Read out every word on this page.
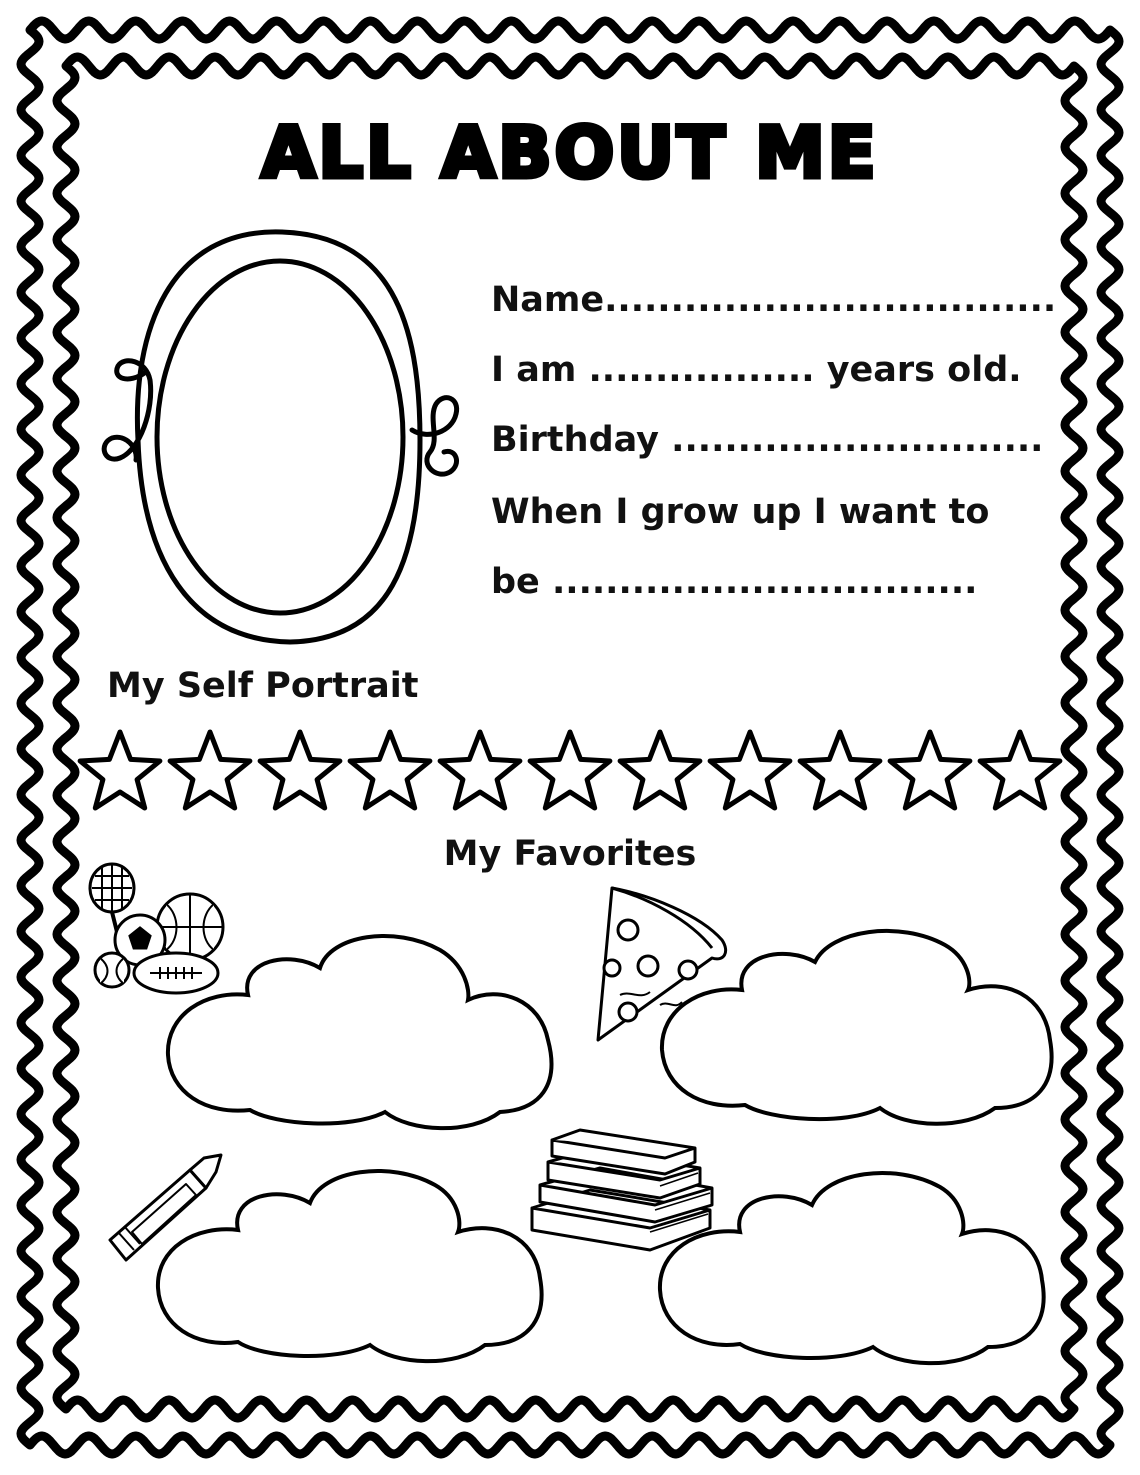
ALL ABOUT ME
Name..................................
I am ................. years old.
Birthday ............................
When I grow up I want to
be ................................
My Self Portrait
My Favorites
